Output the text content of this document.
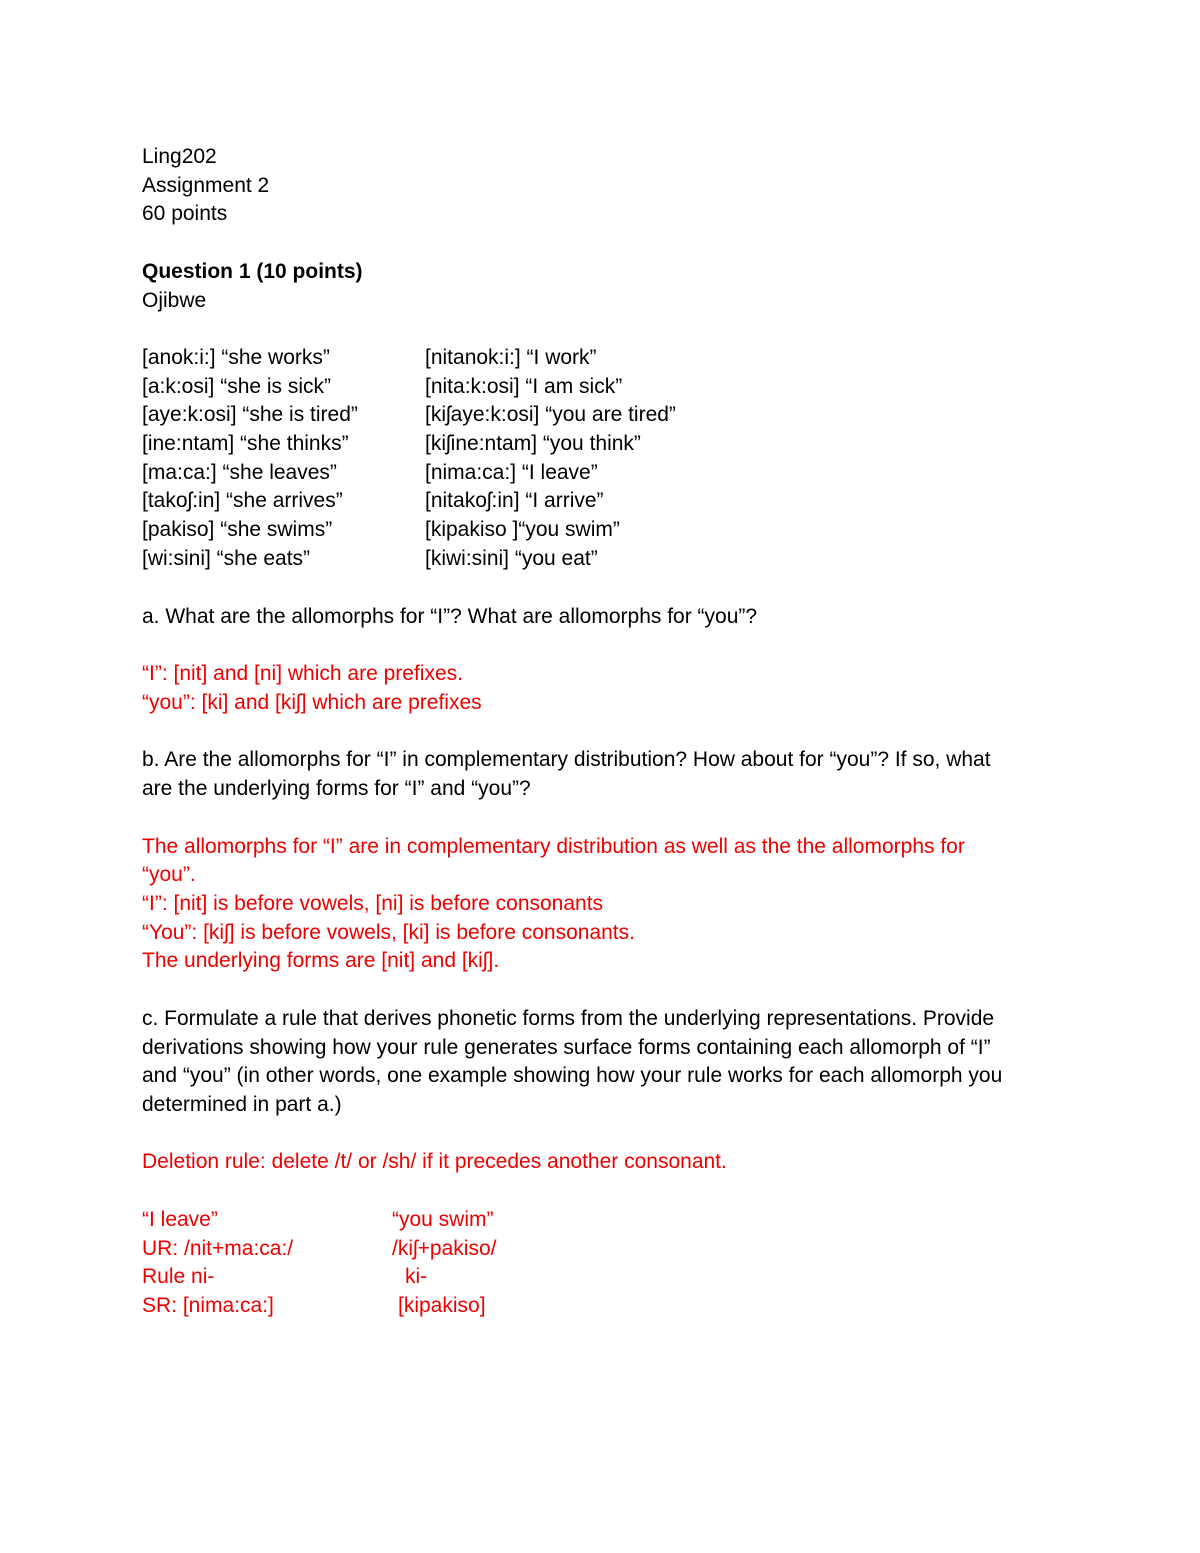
Ling202

Assignment 2

60 points

Question 1 (10 points)

Ojibwe

[anok:i:] “she works”	[nitanok:i:] “I work”

[a:k:osi] “she is sick”	[nita:k:osi] “I am sick”

[aye:k:osi] “she is tired”	[kiʃaye:k:osi] “you are tired”

[ine:ntam] “she thinks”	[kiʃine:ntam] “you think”

[ma:ca:] “she leaves”	[nima:ca:] “I leave”

[takoʃ:in] “she arrives”	[nitakoʃ:in] “I arrive”

[pakiso] “she swims”	[kipakiso ]“you swim”

[wi:sini] “she eats”	[kiwi:sini] “you eat”

a. What are the allomorphs for “I”? What are allomorphs for “you”?

“I”: [nit] and [ni] which are prefixes.

“you”: [ki] and [kiʃ] which are prefixes

b. Are the allomorphs for “I” in complementary distribution? How about for “you”? If so, what

are the underlying forms for “I” and “you”?

The allomorphs for “I” are in complementary distribution as well as the the allomorphs for

“you”.

“I”: [nit] is before vowels, [ni] is before consonants

“You”: [kiʃ] is before vowels, [ki] is before consonants.

The underlying forms are [nit] and [kiʃ].

c. Formulate a rule that derives phonetic forms from the underlying representations. Provide

derivations showing how your rule generates surface forms containing each allomorph of “I”

and “you” (in other words, one example showing how your rule works for each allomorph you

determined in part a.)

Deletion rule: delete /t/ or /sh/ if it precedes another consonant.

“I leave”	“you swim”

UR: /nit+ma:ca:/	/kiʃ+pakiso/

Rule ni-	ki-

SR: [nima:ca:]	[kipakiso]
